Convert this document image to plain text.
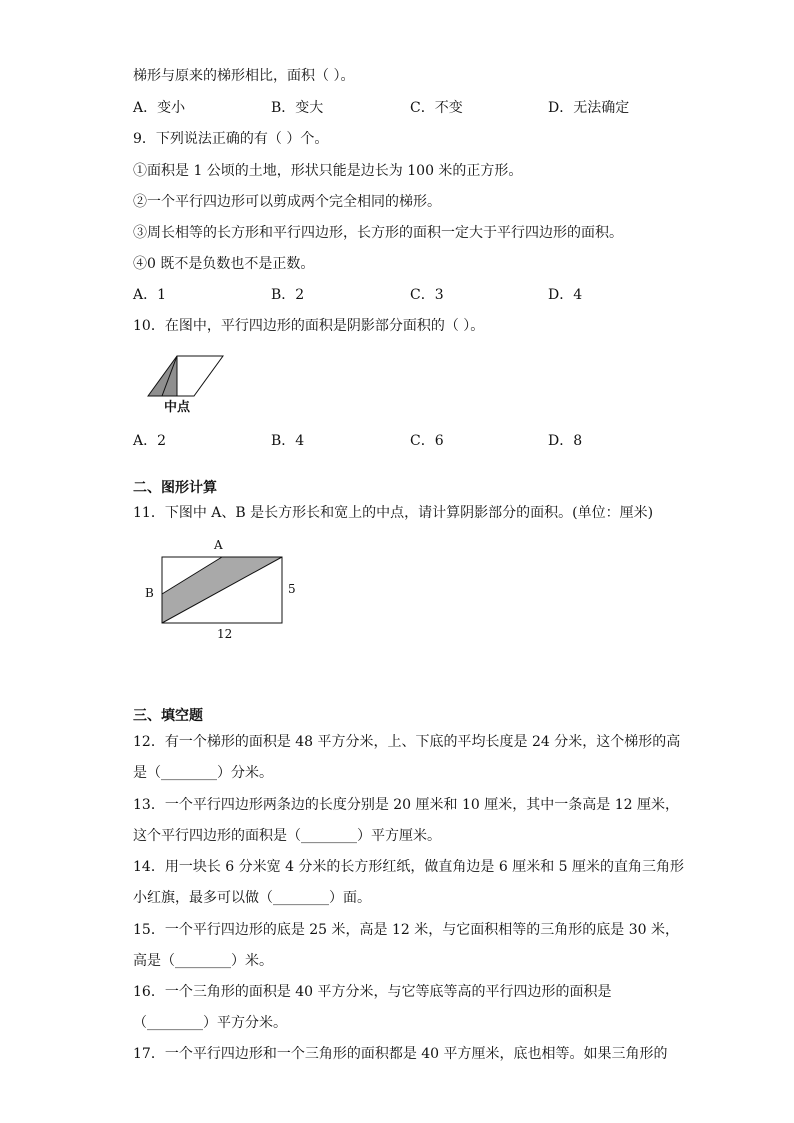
梯形与原来的梯形相比，面积（ ）。
A．变小	B．变大	C．不变	D．无法确定
9．下列说法正确的有（ ）个。
①面积是 1 公顷的土地，形状只能是边长为 100 米的正方形。
②一个平行四边形可以剪成两个完全相同的梯形。
③周长相等的长方形和平行四边形，长方形的面积一定大于平行四边形的面积。
④0 既不是负数也不是正数。
A．1	B．2	C．3	D．4
10．在图中，平行四边形的面积是阴影部分面积的（ ）。
中点
A．2	B．4	C．6	D．8
二、图形计算
11．下图中 A、B 是长方形长和宽上的中点，请计算阴影部分的面积。(单位：厘米)
A
B	5
12
三、填空题
12．有一个梯形的面积是 48 平方分米，上、下底的平均长度是 24 分米，这个梯形的高
是（________）分米。
13．一个平行四边形两条边的长度分别是 20 厘米和 10 厘米，其中一条高是 12 厘米，
这个平行四边形的面积是（________）平方厘米。
14．用一块长 6 分米宽 4 分米的长方形红纸，做直角边是 6 厘米和 5 厘米的直角三角形
小红旗，最多可以做（________）面。
15．一个平行四边形的底是 25 米，高是 12 米，与它面积相等的三角形的底是 30 米，
高是（________）米。
16．一个三角形的面积是 40 平方分米，与它等底等高的平行四边形的面积是
（________）平方分米。
17．一个平行四边形和一个三角形的面积都是 40 平方厘米，底也相等。如果三角形的
